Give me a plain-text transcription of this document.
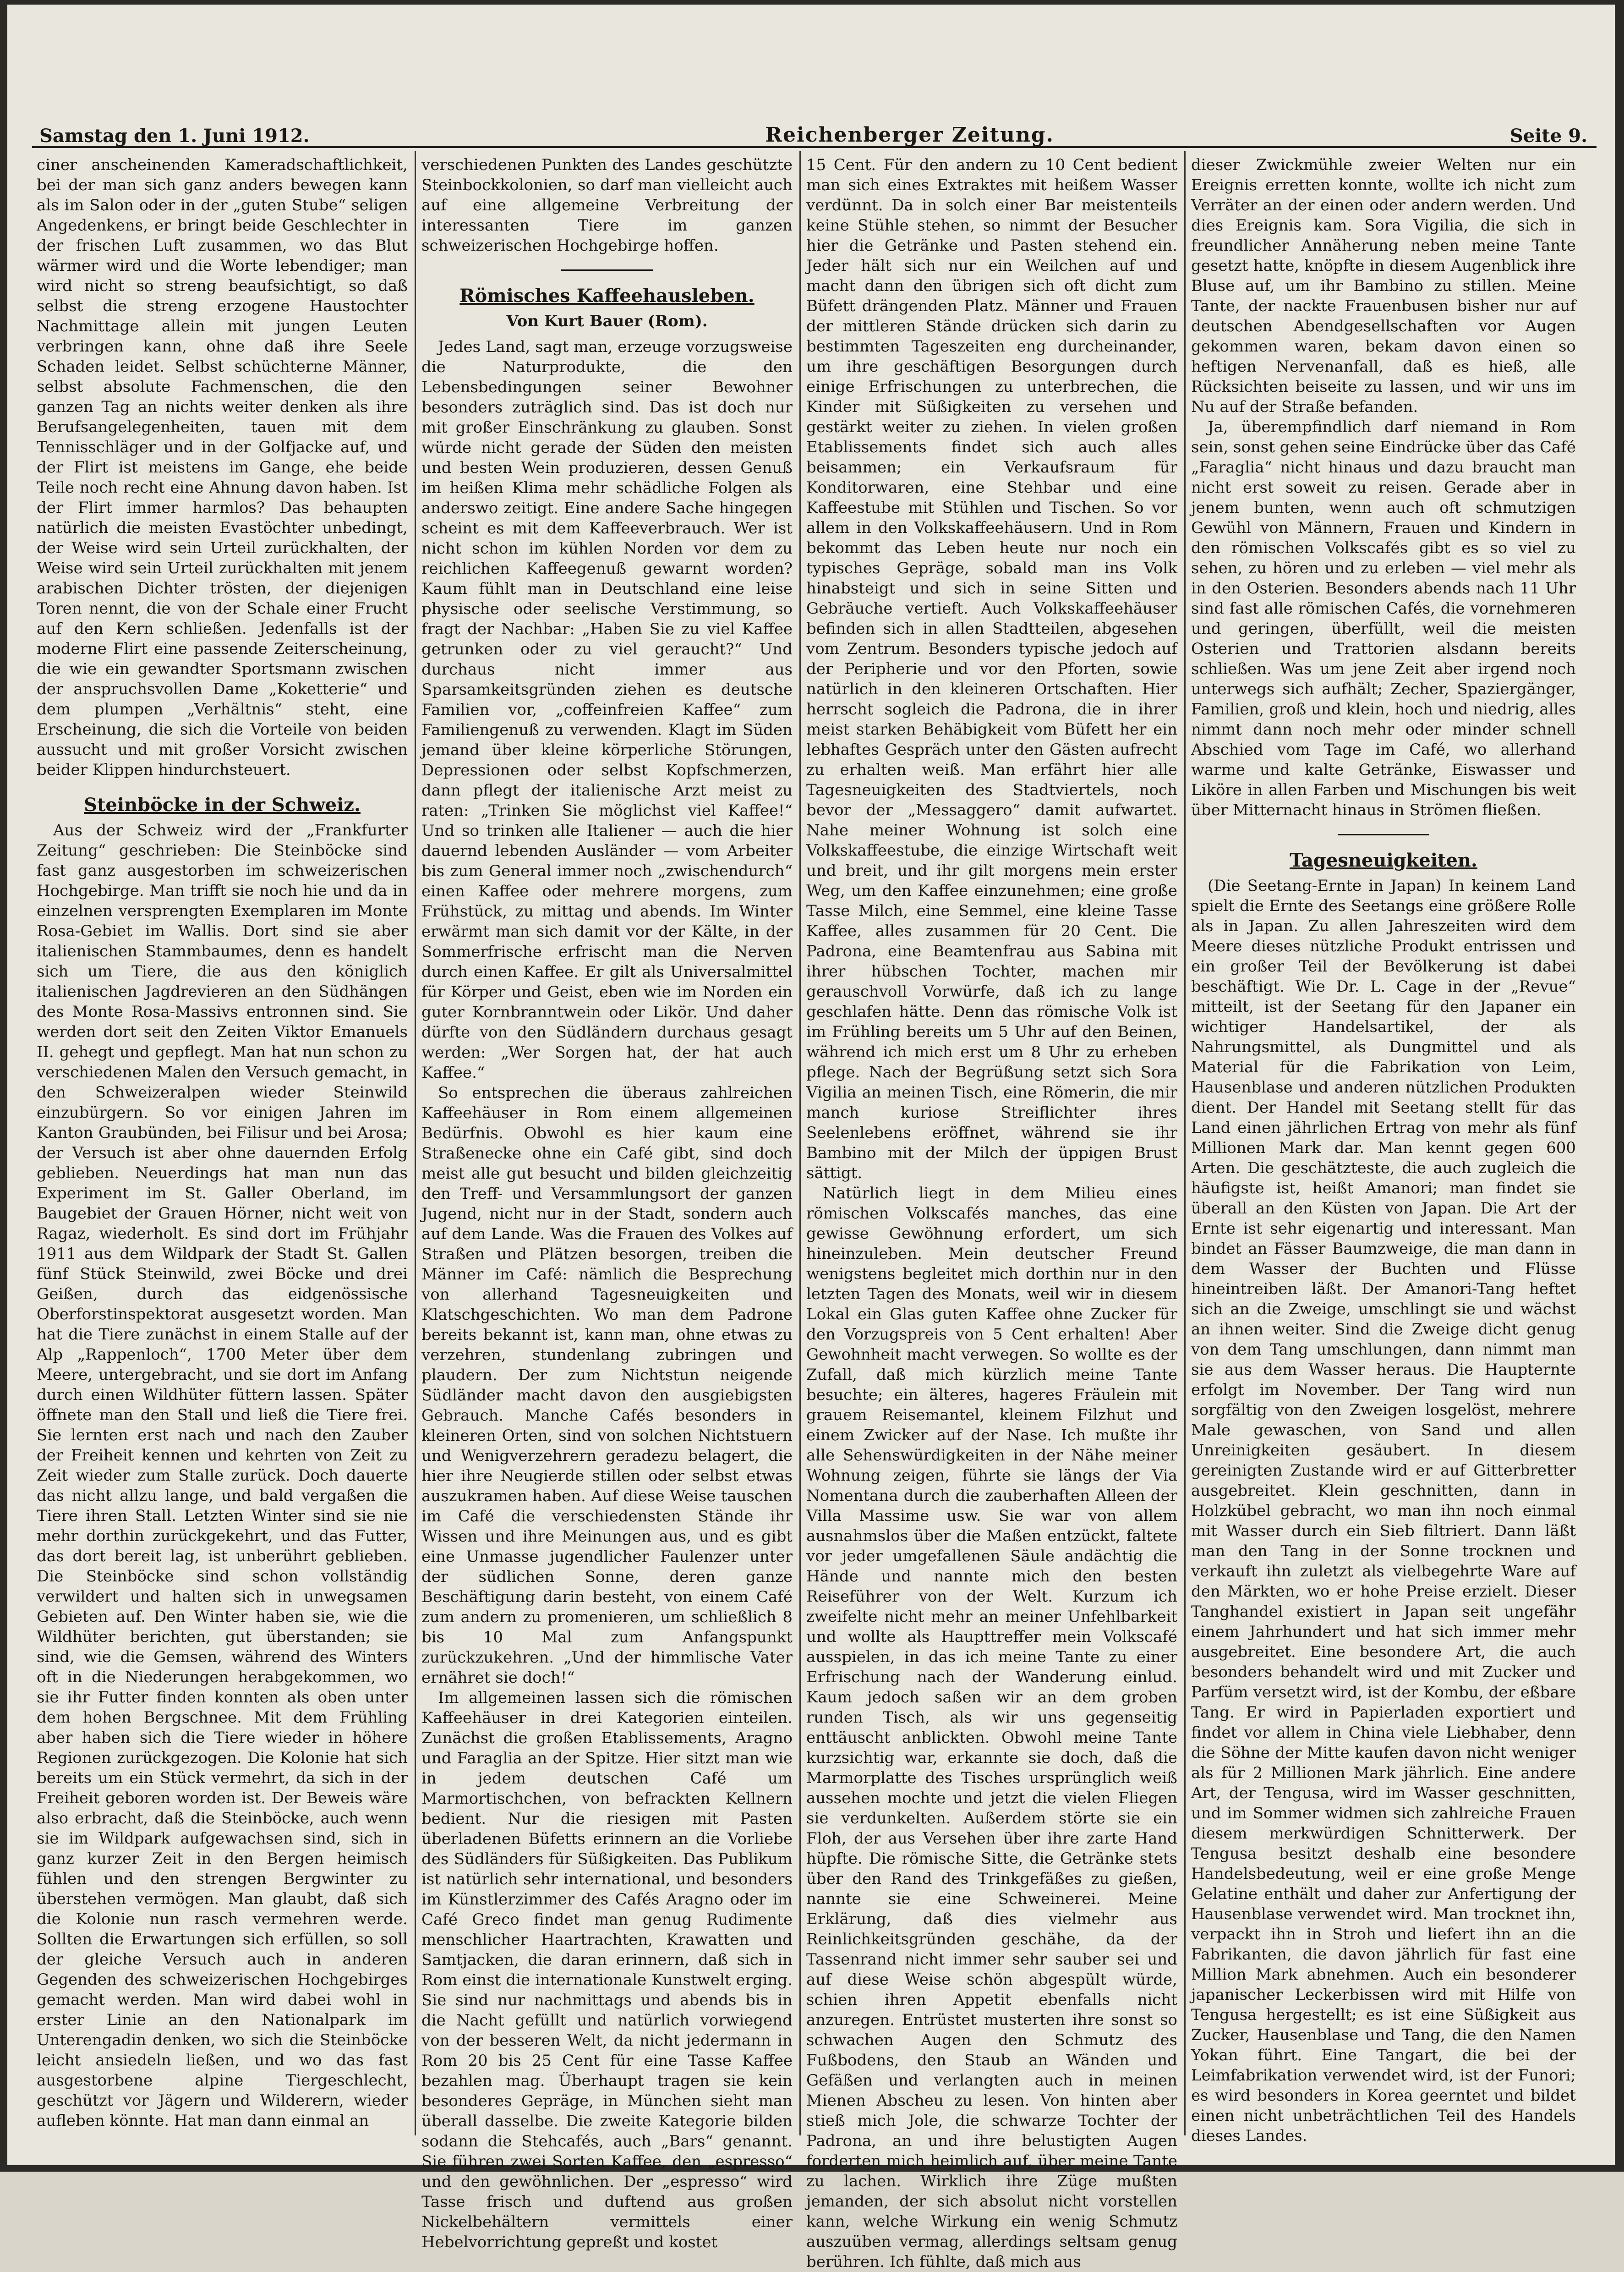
Samstag den 1. Juni 1912.	Reichenberger Zeitung.	Seite 9.

ciner anscheinenden Kameradschaftlichkeit, bei der man sich ganz anders bewegen kann als im Salon oder in der „guten Stube“ seligen Angedenkens, er bringt beide Geschlechter in der frischen Luft zusammen, wo das Blut wärmer wird und die Worte lebendiger; man wird nicht so streng beaufsichtigt, so daß selbst die streng erzogene Haustochter Nachmittage allein mit jungen Leuten verbringen kann, ohne daß ihre Seele Schaden leidet. Selbst schüchterne Männer, selbst absolute Fachmenschen, die den ganzen Tag an nichts weiter denken als ihre Berufsangelegenheiten, tauen mit dem Tennisschläger und in der Golfjacke auf, und der Flirt ist meistens im Gange, ehe beide Teile noch recht eine Ahnung davon haben. Ist der Flirt immer harmlos? Das behaupten natürlich die meisten Evastöchter unbedingt, der Weise wird sein Urteil zurückhalten, der Weise wird sein Urteil zurückhalten mit jenem arabischen Dichter trösten, der diejenigen Toren nennt, die von der Schale einer Frucht auf den Kern schließen. Jedenfalls ist der moderne Flirt eine passende Zeiterscheinung, die wie ein gewandter Sportsmann zwischen der anspruchsvollen Dame „Koketterie“ und dem plumpen „Verhältnis“ steht, eine Erscheinung, die sich die Vorteile von beiden aussucht und mit großer Vorsicht zwischen beider Klippen hindurchsteuert.

Steinböcke in der Schweiz.

Aus der Schweiz wird der „Frankfurter Zeitung“ geschrieben: Die Steinböcke sind fast ganz ausgestorben im schweizerischen Hochgebirge. Man trifft sie noch hie und da in einzelnen versprengten Exemplaren im Monte Rosa-Gebiet im Wallis. Dort sind sie aber italienischen Stammbaumes, denn es handelt sich um Tiere, die aus den königlich italienischen Jagdrevieren an den Südhängen des Monte Rosa-Massivs entronnen sind. Sie werden dort seit den Zeiten Viktor Emanuels II. gehegt und gepflegt. Man hat nun schon zu verschiedenen Malen den Versuch gemacht, in den Schweizeralpen wieder Steinwild einzubürgern. So vor einigen Jahren im Kanton Graubünden, bei Filisur und bei Arosa; der Versuch ist aber ohne dauernden Erfolg geblieben. Neuerdings hat man nun das Experiment im St. Galler Oberland, im Baugebiet der Grauen Hörner, nicht weit von Ragaz, wiederholt. Es sind dort im Frühjahr 1911 aus dem Wildpark der Stadt St. Gallen fünf Stück Steinwild, zwei Böcke und drei Geißen, durch das eidgenössische Oberforstinspektorat ausgesetzt worden. Man hat die Tiere zunächst in einem Stalle auf der Alp „Rappenloch“, 1700 Meter über dem Meere, untergebracht, und sie dort im Anfang durch einen Wildhüter füttern lassen. Später öffnete man den Stall und ließ die Tiere frei. Sie lernten erst nach und nach den Zauber der Freiheit kennen und kehrten von Zeit zu Zeit wieder zum Stalle zurück. Doch dauerte das nicht allzu lange, und bald vergaßen die Tiere ihren Stall. Letzten Winter sind sie nie mehr dorthin zurückgekehrt, und das Futter, das dort bereit lag, ist unberührt geblieben. Die Steinböcke sind schon vollständig verwildert und halten sich in unwegsamen Gebieten auf. Den Winter haben sie, wie die Wildhüter berichten, gut überstanden; sie sind, wie die Gemsen, während des Winters oft in die Niederungen herabgekommen, wo sie ihr Futter finden konnten als oben unter dem hohen Bergschnee. Mit dem Frühling aber haben sich die Tiere wieder in höhere Regionen zurückgezogen. Die Kolonie hat sich bereits um ein Stück vermehrt, da sich in der Freiheit geboren worden ist. Der Beweis wäre also erbracht, daß die Steinböcke, auch wenn sie im Wildpark aufgewachsen sind, sich in ganz kurzer Zeit in den Bergen heimisch fühlen und den strengen Bergwinter zu überstehen vermögen. Man glaubt, daß sich die Kolonie nun rasch vermehren werde. Sollten die Erwartungen sich erfüllen, so soll der gleiche Versuch auch in anderen Gegenden des schweizerischen Hochgebirges gemacht werden. Man wird dabei wohl in erster Linie an den Nationalpark im Unterengadin denken, wo sich die Steinböcke leicht ansiedeln ließen, und wo das fast ausgestorbene alpine Tiergeschlecht, geschützt vor Jägern und Wilderern, wieder aufleben könnte. Hat man dann einmal an

verschiedenen Punkten des Landes geschützte Steinbockkolonien, so darf man vielleicht auch auf eine allgemeine Verbreitung der interessanten Tiere im ganzen schweizerischen Hochgebirge hoffen.

Römisches Kaffeehausleben.
Von Kurt Bauer (Rom).

Jedes Land, sagt man, erzeuge vorzugsweise die Naturprodukte, die den Lebensbedingungen seiner Bewohner besonders zuträglich sind. Das ist doch nur mit großer Einschränkung zu glauben. Sonst würde nicht gerade der Süden den meisten und besten Wein produzieren, dessen Genuß im heißen Klima mehr schädliche Folgen als anderswo zeitigt. Eine andere Sache hingegen scheint es mit dem Kaffeeverbrauch. Wer ist nicht schon im kühlen Norden vor dem zu reichlichen Kaffeegenuß gewarnt worden? Kaum fühlt man in Deutschland eine leise physische oder seelische Verstimmung, so fragt der Nachbar: „Haben Sie zu viel Kaffee getrunken oder zu viel geraucht?“ Und durchaus nicht immer aus Sparsamkeitsgründen ziehen es deutsche Familien vor, „coffeinfreien Kaffee“ zum Familiengenuß zu verwenden. Klagt im Süden jemand über kleine körperliche Störungen, Depressionen oder selbst Kopfschmerzen, dann pflegt der italienische Arzt meist zu raten: „Trinken Sie möglichst viel Kaffee!“ Und so trinken alle Italiener — auch die hier dauernd lebenden Ausländer — vom Arbeiter bis zum General immer noch „zwischendurch“ einen Kaffee oder mehrere morgens, zum Frühstück, zu mittag und abends. Im Winter erwärmt man sich damit vor der Kälte, in der Sommerfrische erfrischt man die Nerven durch einen Kaffee. Er gilt als Universalmittel für Körper und Geist, eben wie im Norden ein guter Kornbranntwein oder Likör. Und daher dürfte von den Südländern durchaus gesagt werden: „Wer Sorgen hat, der hat auch Kaffee.“

So entsprechen die überaus zahlreichen Kaffeehäuser in Rom einem allgemeinen Bedürfnis. Obwohl es hier kaum eine Straßenecke ohne ein Café gibt, sind doch meist alle gut besucht und bilden gleichzeitig den Treff- und Versammlungsort der ganzen Jugend, nicht nur in der Stadt, sondern auch auf dem Lande. Was die Frauen des Volkes auf Straßen und Plätzen besorgen, treiben die Männer im Café: nämlich die Besprechung von allerhand Tagesneuigkeiten und Klatschgeschichten. Wo man dem Padrone bereits bekannt ist, kann man, ohne etwas zu verzehren, stundenlang zubringen und plaudern. Der zum Nichtstun neigende Südländer macht davon den ausgiebigsten Gebrauch. Manche Cafés besonders in kleineren Orten, sind von solchen Nichtstuern und Wenigverzehrern geradezu belagert, die hier ihre Neugierde stillen oder selbst etwas auszukramen haben. Auf diese Weise tauschen im Café die verschiedensten Stände ihr Wissen und ihre Meinungen aus, und es gibt eine Unmasse jugendlicher Faulenzer unter der südlichen Sonne, deren ganze Beschäftigung darin besteht, von einem Café zum andern zu promenieren, um schließlich 8 bis 10 Mal zum Anfangspunkt zurückzukehren. „Und der himmlische Vater ernähret sie doch!“

Im allgemeinen lassen sich die römischen Kaffeehäuser in drei Kategorien einteilen. Zunächst die großen Etablissements, Aragno und Faraglia an der Spitze. Hier sitzt man wie in jedem deutschen Café um Marmortischchen, von befrackten Kellnern bedient. Nur die riesigen mit Pasten überladenen Büfetts erinnern an die Vorliebe des Südländers für Süßigkeiten. Das Publikum ist natürlich sehr international, und besonders im Künstlerzimmer des Cafés Aragno oder im Café Greco findet man genug Rudimente menschlicher Haartrachten, Krawatten und Samtjacken, die daran erinnern, daß sich in Rom einst die internationale Kunstwelt erging. Sie sind nur nachmittags und abends bis in die Nacht gefüllt und natürlich vorwiegend von der besseren Welt, da nicht jedermann in Rom 20 bis 25 Cent für eine Tasse Kaffee bezahlen mag. Überhaupt tragen sie kein besonderes Gepräge, in München sieht man überall dasselbe. Die zweite Kategorie bilden sodann die Stehcafés, auch „Bars“ genannt. Sie führen zwei Sorten Kaffee, den „espresso“ und den gewöhnlichen. Der „espresso“ wird Tasse frisch und duftend aus großen Nickelbehältern vermittels einer Hebelvorrichtung gepreßt und kostet

15 Cent. Für den andern zu 10 Cent bedient man sich eines Extraktes mit heißem Wasser verdünnt. Da in solch einer Bar meistenteils keine Stühle stehen, so nimmt der Besucher hier die Getränke und Pasten stehend ein. Jeder hält sich nur ein Weilchen auf und macht dann den übrigen sich oft dicht zum Büfett drängenden Platz. Männer und Frauen der mittleren Stände drücken sich darin zu bestimmten Tageszeiten eng durcheinander, um ihre geschäftigen Besorgungen durch einige Erfrischungen zu unterbrechen, die Kinder mit Süßigkeiten zu versehen und gestärkt weiter zu ziehen. In vielen großen Etablissements findet sich auch alles beisammen; ein Verkaufsraum für Konditorwaren, eine Stehbar und eine Kaffeestube mit Stühlen und Tischen. So vor allem in den Volkskaffeehäusern. Und in Rom bekommt das Leben heute nur noch ein typisches Gepräge, sobald man ins Volk hinabsteigt und sich in seine Sitten und Gebräuche vertieft. Auch Volkskaffeehäuser befinden sich in allen Stadtteilen, abgesehen vom Zentrum. Besonders typische jedoch auf der Peripherie und vor den Pforten, sowie natürlich in den kleineren Ortschaften. Hier herrscht sogleich die Padrona, die in ihrer meist starken Behäbigkeit vom Büfett her ein lebhaftes Gespräch unter den Gästen aufrecht zu erhalten weiß. Man erfährt hier alle Tagesneuigkeiten des Stadtviertels, noch bevor der „Messaggero“ damit aufwartet. Nahe meiner Wohnung ist solch eine Volkskaffeestube, die einzige Wirtschaft weit und breit, und ihr gilt morgens mein erster Weg, um den Kaffee einzunehmen; eine große Tasse Milch, eine Semmel, eine kleine Tasse Kaffee, alles zusammen für 20 Cent. Die Padrona, eine Beamtenfrau aus Sabina mit ihrer hübschen Tochter, machen mir gerauschvoll Vorwürfe, daß ich zu lange geschlafen hätte. Denn das römische Volk ist im Frühling bereits um 5 Uhr auf den Beinen, während ich mich erst um 8 Uhr zu erheben pflege. Nach der Begrüßung setzt sich Sora Vigilia an meinen Tisch, eine Römerin, die mir manch kuriose Streiflichter ihres Seelenlebens eröffnet, während sie ihr Bambino mit der Milch der üppigen Brust sättigt.

Natürlich liegt in dem Milieu eines römischen Volkscafés manches, das eine gewisse Gewöhnung erfordert, um sich hineinzuleben. Mein deutscher Freund wenigstens begleitet mich dorthin nur in den letzten Tagen des Monats, weil wir in diesem Lokal ein Glas guten Kaffee ohne Zucker für den Vorzugspreis von 5 Cent erhalten! Aber Gewohnheit macht verwegen. So wollte es der Zufall, daß mich kürzlich meine Tante besuchte; ein älteres, hageres Fräulein mit grauem Reisemantel, kleinem Filzhut und einem Zwicker auf der Nase. Ich mußte ihr alle Sehenswürdigkeiten in der Nähe meiner Wohnung zeigen, führte sie längs der Via Nomentana durch die zauberhaften Alleen der Villa Massime usw. Sie war von allem ausnahmslos über die Maßen entzückt, faltete vor jeder umgefallenen Säule andächtig die Hände und nannte mich den besten Reiseführer von der Welt. Kurzum ich zweifelte nicht mehr an meiner Unfehlbarkeit und wollte als Haupttreffer mein Volkscafé ausspielen, in das ich meine Tante zu einer Erfrischung nach der Wanderung einlud. Kaum jedoch saßen wir an dem groben runden Tisch, als wir uns gegenseitig enttäuscht anblickten. Obwohl meine Tante kurzsichtig war, erkannte sie doch, daß die Marmorplatte des Tisches ursprünglich weiß aussehen mochte und jetzt die vielen Fliegen sie verdunkelten. Außerdem störte sie ein Floh, der aus Versehen über ihre zarte Hand hüpfte. Die römische Sitte, die Getränke stets über den Rand des Trinkgefäßes zu gießen, nannte sie eine Schweinerei. Meine Erklärung, daß dies vielmehr aus Reinlichkeitsgründen geschähe, da der Tassenrand nicht immer sehr sauber sei und auf diese Weise schön abgespült würde, schien ihren Appetit ebenfalls nicht anzuregen. Entrüstet musterten ihre sonst so schwachen Augen den Schmutz des Fußbodens, den Staub an Wänden und Gefäßen und verlangten auch in meinen Mienen Abscheu zu lesen. Von hinten aber stieß mich Jole, die schwarze Tochter der Padrona, an und ihre belustigten Augen forderten mich heimlich auf, über meine Tante zu lachen. Wirklich ihre Züge mußten jemanden, der sich absolut nicht vorstellen kann, welche Wirkung ein wenig Schmutz auszuüben vermag, allerdings seltsam genug berühren. Ich fühlte, daß mich aus

dieser Zwickmühle zweier Welten nur ein Ereignis erretten konnte, wollte ich nicht zum Verräter an der einen oder andern werden. Und dies Ereignis kam. Sora Vigilia, die sich in freundlicher Annäherung neben meine Tante gesetzt hatte, knöpfte in diesem Augenblick ihre Bluse auf, um ihr Bambino zu stillen. Meine Tante, der nackte Frauenbusen bisher nur auf deutschen Abendgesellschaften vor Augen gekommen waren, bekam davon einen so heftigen Nervenanfall, daß es hieß, alle Rücksichten beiseite zu lassen, und wir uns im Nu auf der Straße befanden.

Ja, überempfindlich darf niemand in Rom sein, sonst gehen seine Eindrücke über das Café „Faraglia“ nicht hinaus und dazu braucht man nicht erst soweit zu reisen. Gerade aber in jenem bunten, wenn auch oft schmutzigen Gewühl von Männern, Frauen und Kindern in den römischen Volkscafés gibt es so viel zu sehen, zu hören und zu erleben — viel mehr als in den Osterien. Besonders abends nach 11 Uhr sind fast alle römischen Cafés, die vornehmeren und geringen, überfüllt, weil die meisten Osterien und Trattorien alsdann bereits schließen. Was um jene Zeit aber irgend noch unterwegs sich aufhält; Zecher, Spaziergänger, Familien, groß und klein, hoch und niedrig, alles nimmt dann noch mehr oder minder schnell Abschied vom Tage im Café, wo allerhand warme und kalte Getränke, Eiswasser und Liköre in allen Farben und Mischungen bis weit über Mitternacht hinaus in Strömen fließen.

Tagesneuigkeiten.

(Die Seetang-Ernte in Japan) In keinem Land spielt die Ernte des Seetangs eine größere Rolle als in Japan. Zu allen Jahreszeiten wird dem Meere dieses nützliche Produkt entrissen und ein großer Teil der Bevölkerung ist dabei beschäftigt. Wie Dr. L. Cage in der „Revue“ mitteilt, ist der Seetang für den Japaner ein wichtiger Handelsartikel, der als Nahrungsmittel, als Dungmittel und als Material für die Fabrikation von Leim, Hausenblase und anderen nützlichen Produkten dient. Der Handel mit Seetang stellt für das Land einen jährlichen Ertrag von mehr als fünf Millionen Mark dar. Man kennt gegen 600 Arten. Die geschätzteste, die auch zugleich die häufigste ist, heißt Amanori; man findet sie überall an den Küsten von Japan. Die Art der Ernte ist sehr eigenartig und interessant. Man bindet an Fässer Baumzweige, die man dann in dem Wasser der Buchten und Flüsse hineintreiben läßt. Der Amanori-Tang heftet sich an die Zweige, umschlingt sie und wächst an ihnen weiter. Sind die Zweige dicht genug von dem Tang umschlungen, dann nimmt man sie aus dem Wasser heraus. Die Haupternte erfolgt im November. Der Tang wird nun sorgfältig von den Zweigen losgelöst, mehrere Male gewaschen, von Sand und allen Unreinigkeiten gesäubert. In diesem gereinigten Zustande wird er auf Gitterbretter ausgebreitet. Klein geschnitten, dann in Holzkübel gebracht, wo man ihn noch einmal mit Wasser durch ein Sieb filtriert. Dann läßt man den Tang in der Sonne trocknen und verkauft ihn zuletzt als vielbegehrte Ware auf den Märkten, wo er hohe Preise erzielt. Dieser Tanghandel existiert in Japan seit ungefähr einem Jahrhundert und hat sich immer mehr ausgebreitet. Eine besondere Art, die auch besonders behandelt wird und mit Zucker und Parfüm versetzt wird, ist der Kombu, der eßbare Tang. Er wird in Papierladen exportiert und findet vor allem in China viele Liebhaber, denn die Söhne der Mitte kaufen davon nicht weniger als für 2 Millionen Mark jährlich. Eine andere Art, der Tengusa, wird im Wasser geschnitten, und im Sommer widmen sich zahlreiche Frauen diesem merkwürdigen Schnitterwerk. Der Tengusa besitzt deshalb eine besondere Handelsbedeutung, weil er eine große Menge Gelatine enthält und daher zur Anfertigung der Hausenblase verwendet wird. Man trocknet ihn, verpackt ihn in Stroh und liefert ihn an die Fabrikanten, die davon jährlich für fast eine Million Mark abnehmen. Auch ein besonderer japanischer Leckerbissen wird mit Hilfe von Tengusa hergestellt; es ist eine Süßigkeit aus Zucker, Hausenblase und Tang, die den Namen Yokan führt. Eine Tangart, die bei der Leimfabrikation verwendet wird, ist der Funori; es wird besonders in Korea geerntet und bildet einen nicht unbeträchtlichen Teil des Handels dieses Landes.
